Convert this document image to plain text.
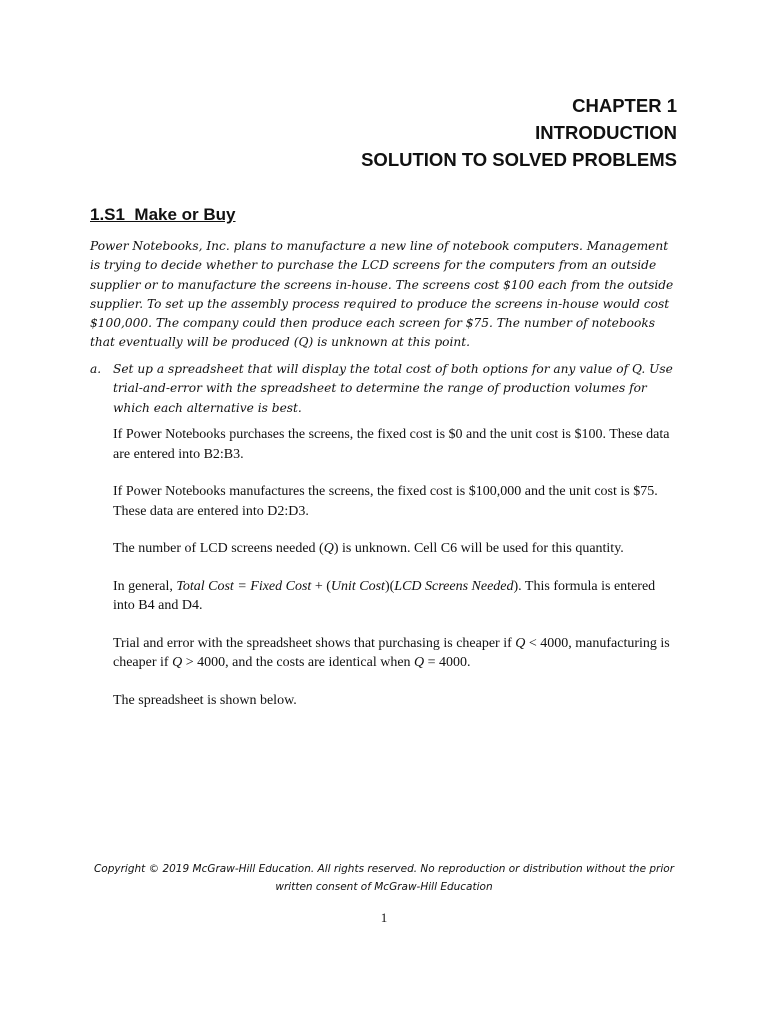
CHAPTER 1
INTRODUCTION
SOLUTION TO SOLVED PROBLEMS
1.S1  Make or Buy

Power Notebooks, Inc. plans to manufacture a new line of notebook computers. Management is trying to decide whether to purchase the LCD screens for the computers from an outside supplier or to manufacture the screens in-house. The screens cost $100 each from the outside supplier. To set up the assembly process required to produce the screens in-house would cost $100,000. The company could then produce each screen for $75. The number of notebooks that eventually will be produced (Q) is unknown at this point.

a. Set up a spreadsheet that will display the total cost of both options for any value of Q. Use trial-and-error with the spreadsheet to determine the range of production volumes for which each alternative is best.

If Power Notebooks purchases the screens, the fixed cost is $0 and the unit cost is $100. These data are entered into B2:B3.

If Power Notebooks manufactures the screens, the fixed cost is $100,000 and the unit cost is $75. These data are entered into D2:D3.

The number of LCD screens needed (Q) is unknown. Cell C6 will be used for this quantity.

In general, Total Cost = Fixed Cost + (Unit Cost)(LCD Screens Needed). This formula is entered into B4 and D4.

Trial and error with the spreadsheet shows that purchasing is cheaper if Q < 4000, manufacturing is cheaper if Q > 4000, and the costs are identical when Q = 4000.

The spreadsheet is shown below.

Copyright © 2019 McGraw-Hill Education. All rights reserved. No reproduction or distribution without the prior
written consent of McGraw-Hill Education
1
